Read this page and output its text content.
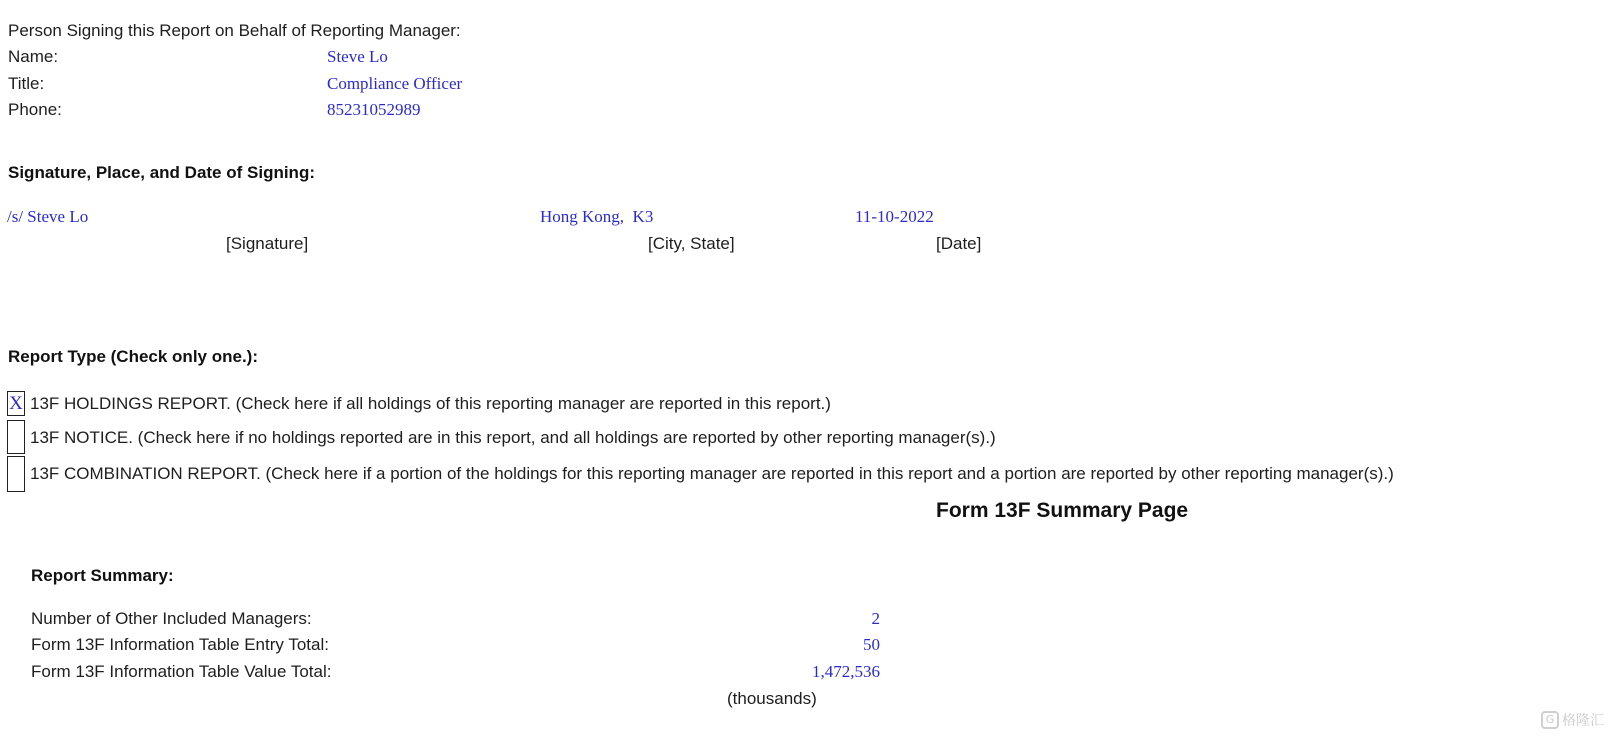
Person Signing this Report on Behalf of Reporting Manager:
Name:	Steve Lo
Title:	Compliance Officer
Phone:	85231052989
Signature, Place, and Date of Signing:
/s/ Steve Lo	Hong Kong,  K3	11-10-2022
[Signature]	[City, State]	[Date]
Report Type (Check only one.):
X 13F HOLDINGS REPORT. (Check here if all holdings of this reporting manager are reported in this report.)
13F NOTICE. (Check here if no holdings reported are in this report, and all holdings are reported by other reporting manager(s).)
13F COMBINATION REPORT. (Check here if a portion of the holdings for this reporting manager are reported in this report and a portion are reported by other reporting manager(s).)
Form 13F Summary Page
Report Summary:
Number of Other Included Managers:	2
Form 13F Information Table Entry Total:	50
Form 13F Information Table Value Total:	1,472,536
(thousands)
G 格隆汇
